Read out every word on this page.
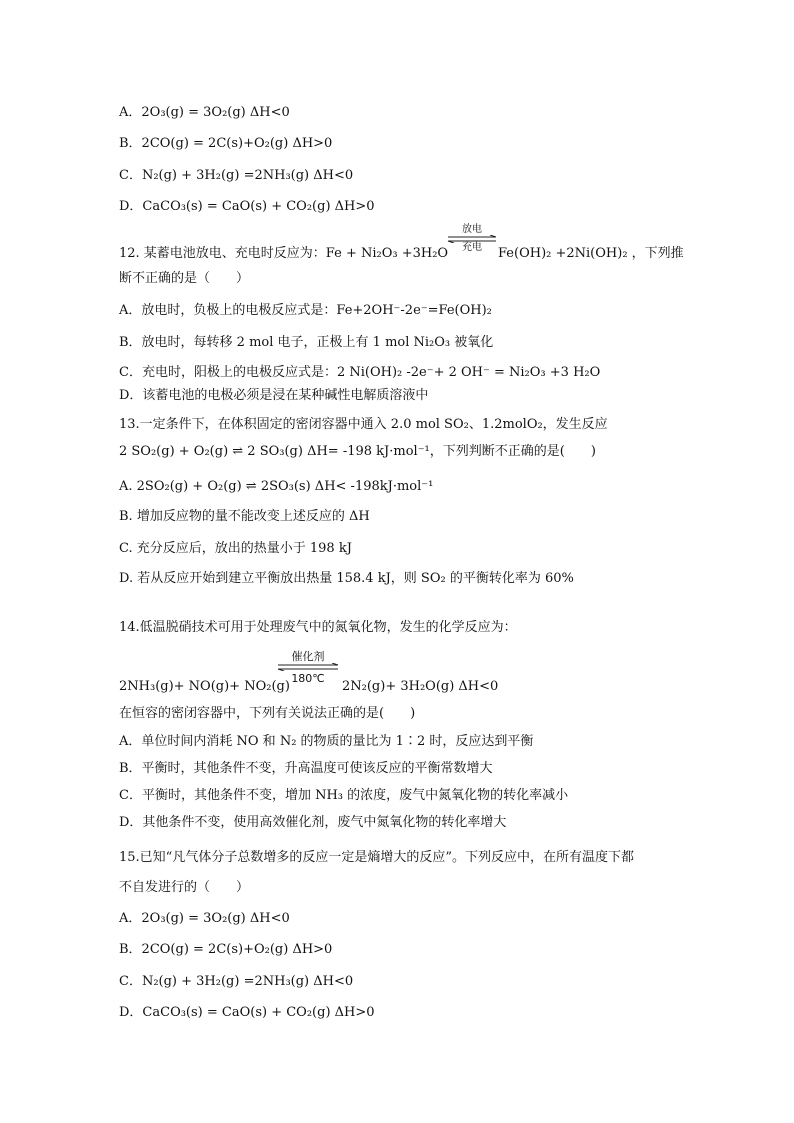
A．2O₃(g) = 3O₂(g) ΔH<0
B．2CO(g) = 2C(s)+O₂(g) ΔH>0
C．N₂(g) + 3H₂(g) =2NH₃(g) ΔH<0
D．CaCO₃(s) = CaO(s) + CO₂(g) ΔH>0
12. 某蓄电池放电、充电时反应为：Fe + Ni₂O₃ +3H₂O
放电
充电	Fe(OH)₂ +2Ni(OH)₂ ，下列推
断不正确的是（　　）
A．放电时，负极上的电极反应式是：Fe+2OH⁻-2e⁻=Fe(OH)₂
B．放电时，每转移 2 mol 电子，正极上有 1 mol Ni₂O₃ 被氧化
C．充电时，阳极上的电极反应式是：2 Ni(OH)₂ -2e⁻+ 2 OH⁻ = Ni₂O₃ +3 H₂O
D．该蓄电池的电极必须是浸在某种碱性电解质溶液中
13.一定条件下，在体积固定的密闭容器中通入 2.0 mol SO₂、1.2molO₂，发生反应
2 SO₂(g) + O₂(g) ⇌ 2 SO₃(g) ΔH= -198 kJ·mol⁻¹，下列判断不正确的是(　　)
A. 2SO₂(g) + O₂(g) ⇌ 2SO₃(s) ΔH< -198kJ·mol⁻¹
B. 增加反应物的量不能改变上述反应的 ΔH
C. 充分反应后，放出的热量小于 198 kJ
D. 若从反应开始到建立平衡放出热量 158.4 kJ，则 SO₂ 的平衡转化率为 60%
14.低温脱硝技术可用于处理废气中的氮氧化物，发生的化学反应为：
2NH₃(g)+ NO(g)+ NO₂(g)
催化剂
180℃
2N₂(g)+ 3H₂O(g) ΔH<0
在恒容的密闭容器中，下列有关说法正确的是(　　)
A．单位时间内消耗 NO 和 N₂ 的物质的量比为 1∶2 时，反应达到平衡
B．平衡时，其他条件不变，升高温度可使该反应的平衡常数增大
C．平衡时，其他条件不变，增加 NH₃ 的浓度，废气中氮氧化物的转化率减小
D．其他条件不变，使用高效催化剂，废气中氮氧化物的转化率增大
15.已知“凡气体分子总数增多的反应一定是熵增大的反应”。下列反应中，在所有温度下都
不自发进行的（　　）
A．2O₃(g) = 3O₂(g) ΔH<0
B．2CO(g) = 2C(s)+O₂(g) ΔH>0
C．N₂(g) + 3H₂(g) =2NH₃(g) ΔH<0
D．CaCO₃(s) = CaO(s) + CO₂(g) ΔH>0
